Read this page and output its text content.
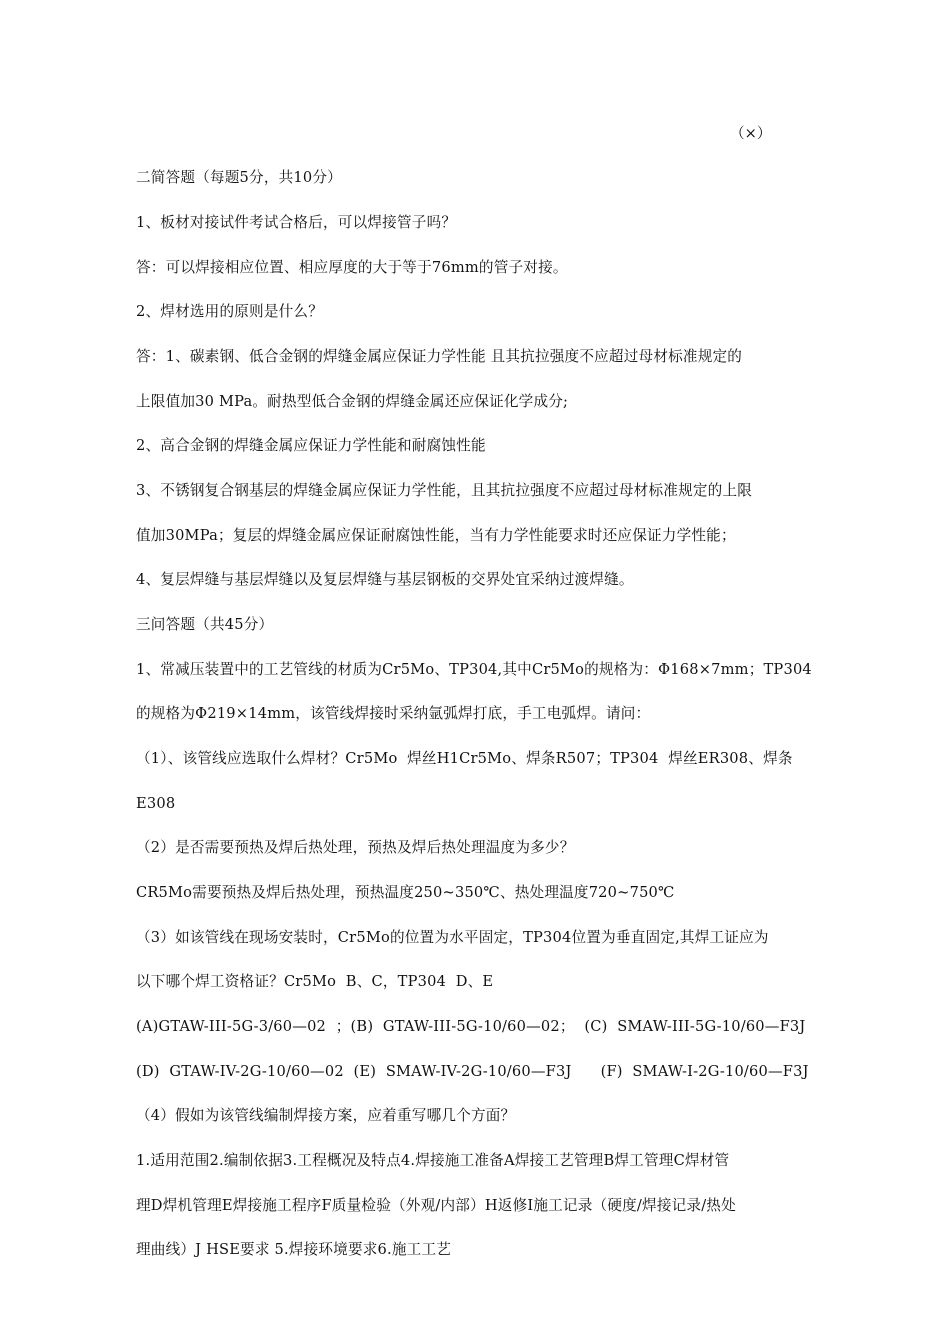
（×）
二简答题（每题5分，共10分）
1、板材对接试件考试合格后，可以焊接管子吗？
答：可以焊接相应位置、相应厚度的大于等于76mm的管子对接。
2、焊材选用的原则是什么？
答：1、碳素钢、低合金钢的焊缝金属应保证力学性能 且其抗拉强度不应超过母材标准规定的
上限值加30 MPa。耐热型低合金钢的焊缝金属还应保证化学成分;
2、高合金钢的焊缝金属应保证力学性能和耐腐蚀性能
3、不锈钢复合钢基层的焊缝金属应保证力学性能，且其抗拉强度不应超过母材标准规定的上限
值加30MPa；复层的焊缝金属应保证耐腐蚀性能，当有力学性能要求时还应保证力学性能；
4、复层焊缝与基层焊缝以及复层焊缝与基层钢板的交界处宜采纳过渡焊缝。
三问答题（共45分）
1、常减压装置中的工艺管线的材质为Cr5Mo、TP304,其中Cr5Mo的规格为：Φ168×7mm；TP304
的规格为Φ219×14mm，该管线焊接时采纳氩弧焊打底，手工电弧焊。请问：
（1）、该管线应选取什么焊材？Cr5Mo  焊丝H1Cr5Mo、焊条R507；TP304  焊丝ER308、焊条
E308
（2）是否需要预热及焊后热处理，预热及焊后热处理温度为多少？
CR5Mo需要预热及焊后热处理，预热温度250~350℃、热处理温度720~750℃
（3）如该管线在现场安装时，Cr5Mo的位置为水平固定，TP304位置为垂直固定,其焊工证应为
以下哪个焊工资格证？Cr5Mo  B、C，TP304  D、E
(A)GTAW-III-5G-3/60—02  ；(B)  GTAW-III-5G-10/60—02；  (C)  SMAW-III-5G-10/60—F3J
(D)  GTAW-IV-2G-10/60—02  (E)  SMAW-IV-2G-10/60—F3J      (F)  SMAW-I-2G-10/60—F3J
（4）假如为该管线编制焊接方案，应着重写哪几个方面？
1.适用范围2.编制依据3.工程概况及特点4.焊接施工准备A焊接工艺管理B焊工管理C焊材管
理D焊机管理E焊接施工程序F质量检验（外观/内部）H返修I施工记录（硬度/焊接记录/热处
理曲线）J HSE要求 5.焊接环境要求6.施工工艺
